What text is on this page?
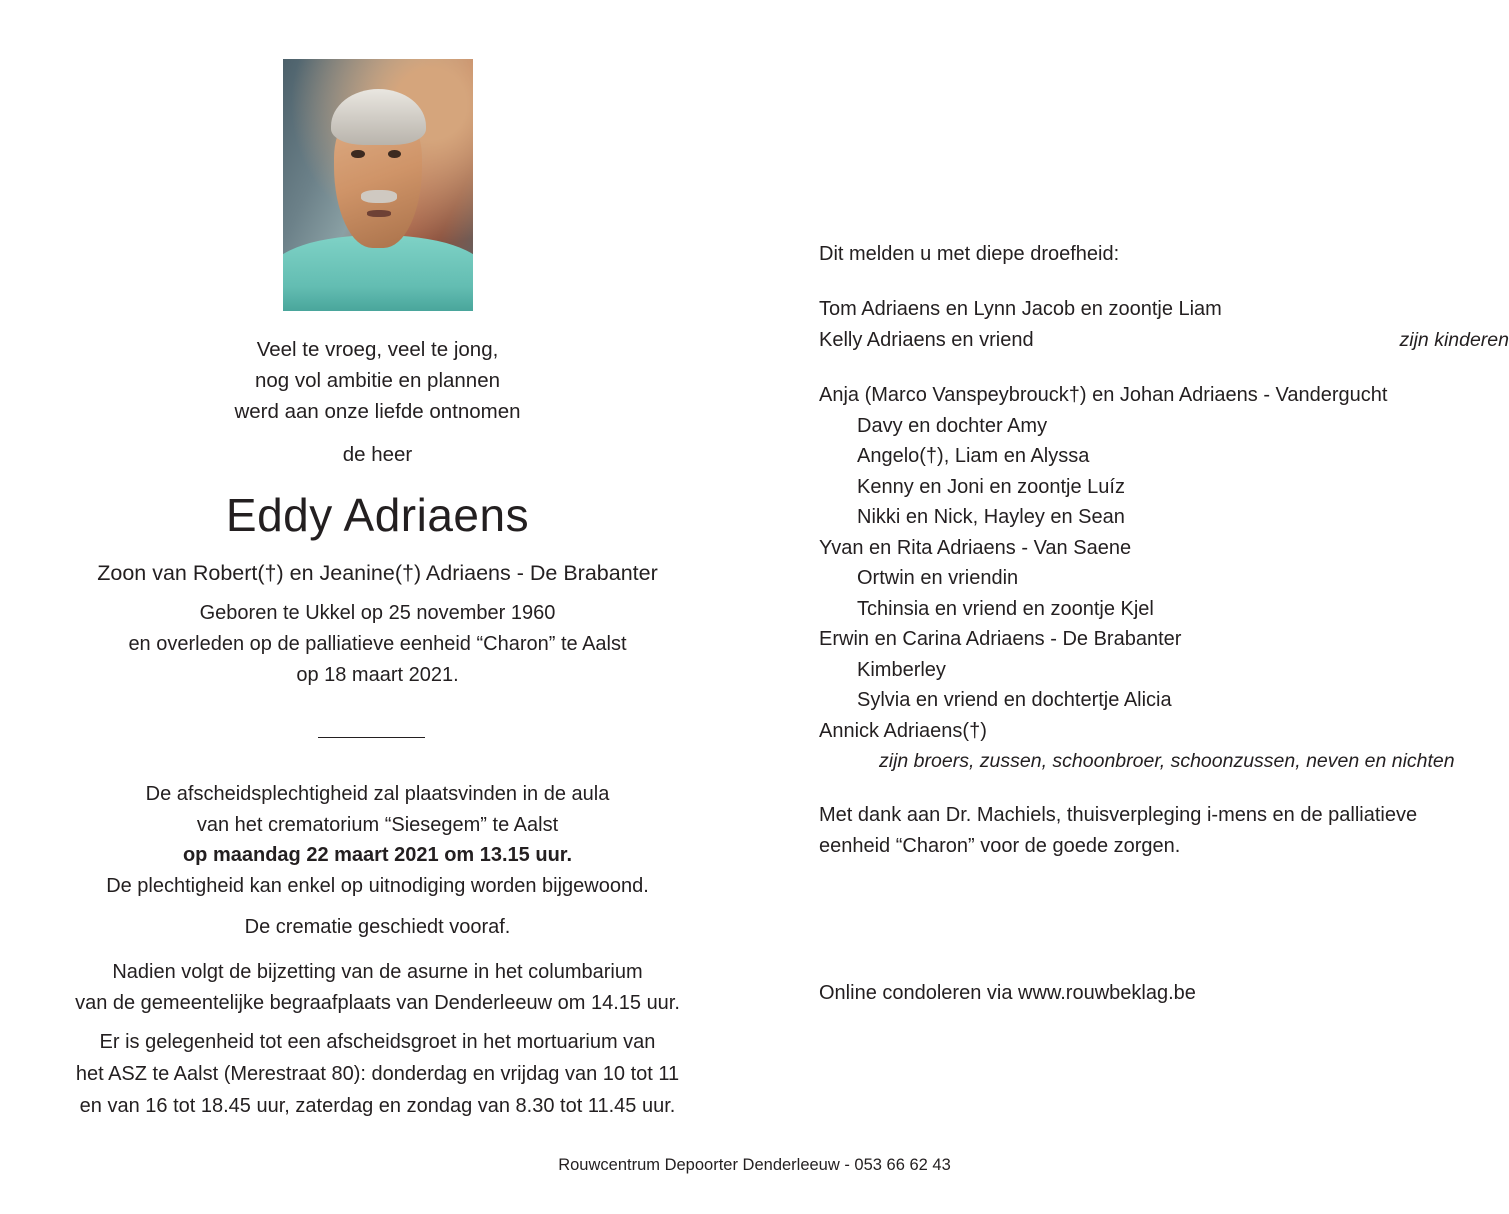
Veel te vroeg, veel te jong,
nog vol ambitie en plannen
werd aan onze liefde ontnomen
de heer
Eddy Adriaens
Zoon van Robert(†) en Jeanine(†) Adriaens - De Brabanter
Geboren te Ukkel op 25 november 1960
en overleden op de palliatieve eenheid “Charon” te Aalst
op 18 maart 2021.
De afscheidsplechtigheid zal plaatsvinden in de aula
van het crematorium “Siesegem” te Aalst
op maandag 22 maart 2021 om 13.15 uur.
De plechtigheid kan enkel op uitnodiging worden bijgewoond.
De crematie geschiedt vooraf.
Nadien volgt de bijzetting van de asurne in het columbarium
van de gemeentelijke begraafplaats van Denderleeuw om 14.15 uur.
Er is gelegenheid tot een afscheidsgroet in het mortuarium van
het ASZ te Aalst (Merestraat 80): donderdag en vrijdag van 10 tot 11
en van 16 tot 18.45 uur, zaterdag en zondag van 8.30 tot 11.45 uur.
Dit melden u met diepe droefheid:
Tom Adriaens en Lynn Jacob en zoontje Liam
Kelly Adriaens en vriend	zijn kinderen
Anja (Marco Vanspeybrouck†) en Johan Adriaens - Vandergucht
Davy en dochter Amy
Angelo(†), Liam en Alyssa
Kenny en Joni en zoontje Luíz
Nikki en Nick, Hayley en Sean
Yvan en Rita Adriaens - Van Saene
Ortwin en vriendin
Tchinsia en vriend en zoontje Kjel
Erwin en Carina Adriaens - De Brabanter
Kimberley
Sylvia en vriend en dochtertje Alicia
Annick Adriaens(†)
zijn broers, zussen, schoonbroer, schoonzussen, neven en nichten
Met dank aan Dr. Machiels, thuisverpleging i-mens en de palliatieve
eenheid “Charon” voor de goede zorgen.
Online condoleren via www.rouwbeklag.be
Rouwcentrum Depoorter Denderleeuw - 053 66 62 43
